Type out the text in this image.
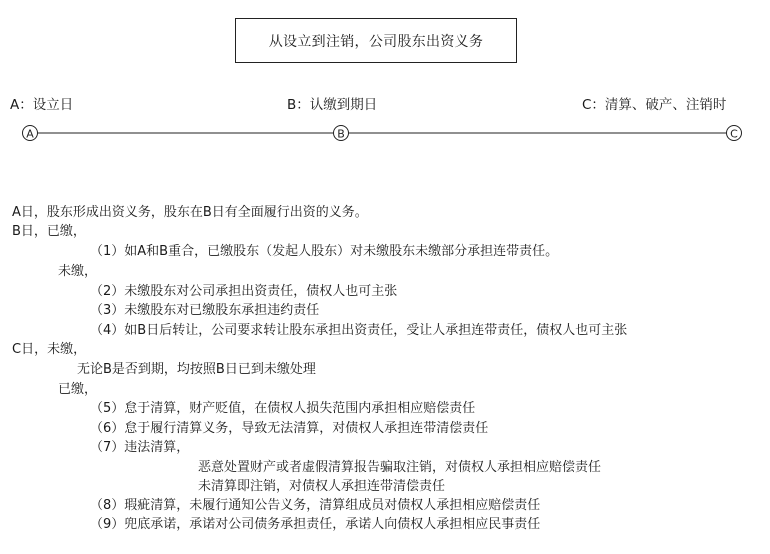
从设立到注销，公司股东出资义务
A：设立日	B：认缴到期日	C：清算、破产、注销时
A	B	C
A日，股东形成出资义务，股东在B日有全面履行出资的义务。
B日，已缴，
（1）如A和B重合，已缴股东（发起人股东）对未缴股东未缴部分承担连带责任。
未缴，
（2）未缴股东对公司承担出资责任，债权人也可主张
（3）未缴股东对已缴股东承担违约责任
（4）如B日后转让，公司要求转让股东承担出资责任，受让人承担连带责任，债权人也可主张
C日，未缴，
无论B是否到期，均按照B日已到未缴处理
已缴，
（5）怠于清算，财产贬值，在债权人损失范围内承担相应赔偿责任
（6）怠于履行清算义务，导致无法清算，对债权人承担连带清偿责任
（7）违法清算，
恶意处置财产或者虚假清算报告骗取注销，对债权人承担相应赔偿责任
未清算即注销，对债权人承担连带清偿责任
（8）瑕疵清算，未履行通知公告义务，清算组成员对债权人承担相应赔偿责任
（9）兜底承诺，承诺对公司债务承担责任，承诺人向债权人承担相应民事责任
